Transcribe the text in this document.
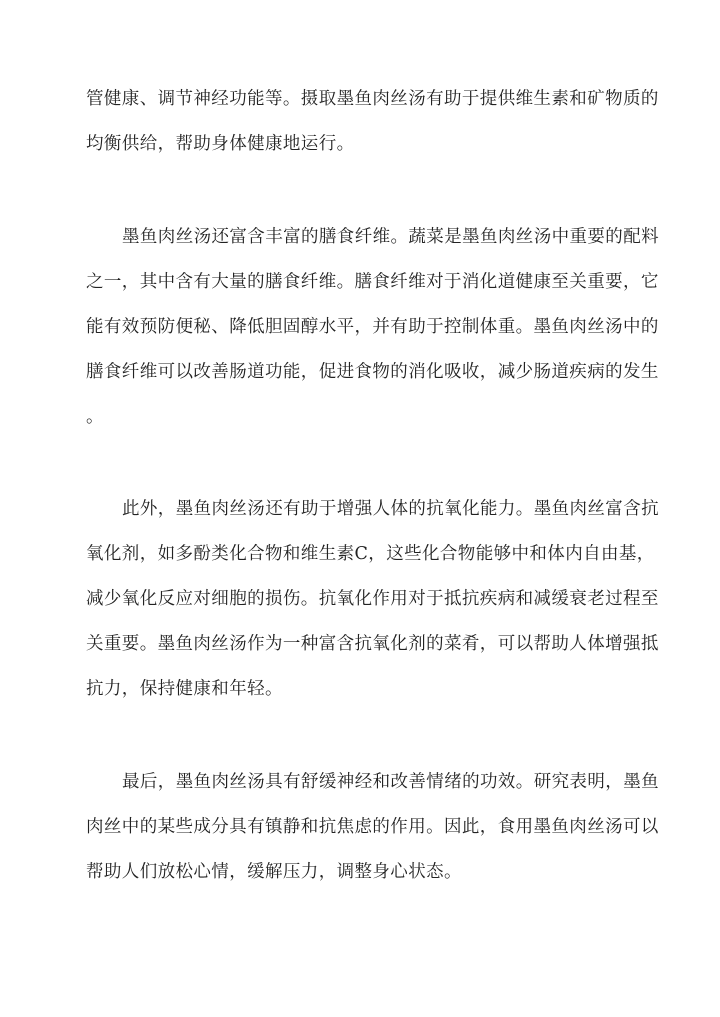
管健康、调节神经功能等。摄取墨鱼肉丝汤有助于提供维生素和矿物质的
均衡供给，帮助身体健康地运行。
墨鱼肉丝汤还富含丰富的膳食纤维。蔬菜是墨鱼肉丝汤中重要的配料
之一，其中含有大量的膳食纤维。膳食纤维对于消化道健康至关重要，它
能有效预防便秘、降低胆固醇水平，并有助于控制体重。墨鱼肉丝汤中的
膳食纤维可以改善肠道功能，促进食物的消化吸收，减少肠道疾病的发生
。
此外，墨鱼肉丝汤还有助于增强人体的抗氧化能力。墨鱼肉丝富含抗
氧化剂，如多酚类化合物和维生素C，这些化合物能够中和体内自由基，
减少氧化反应对细胞的损伤。抗氧化作用对于抵抗疾病和减缓衰老过程至
关重要。墨鱼肉丝汤作为一种富含抗氧化剂的菜肴，可以帮助人体增强抵
抗力，保持健康和年轻。
最后，墨鱼肉丝汤具有舒缓神经和改善情绪的功效。研究表明，墨鱼
肉丝中的某些成分具有镇静和抗焦虑的作用。因此，食用墨鱼肉丝汤可以
帮助人们放松心情，缓解压力，调整身心状态。
